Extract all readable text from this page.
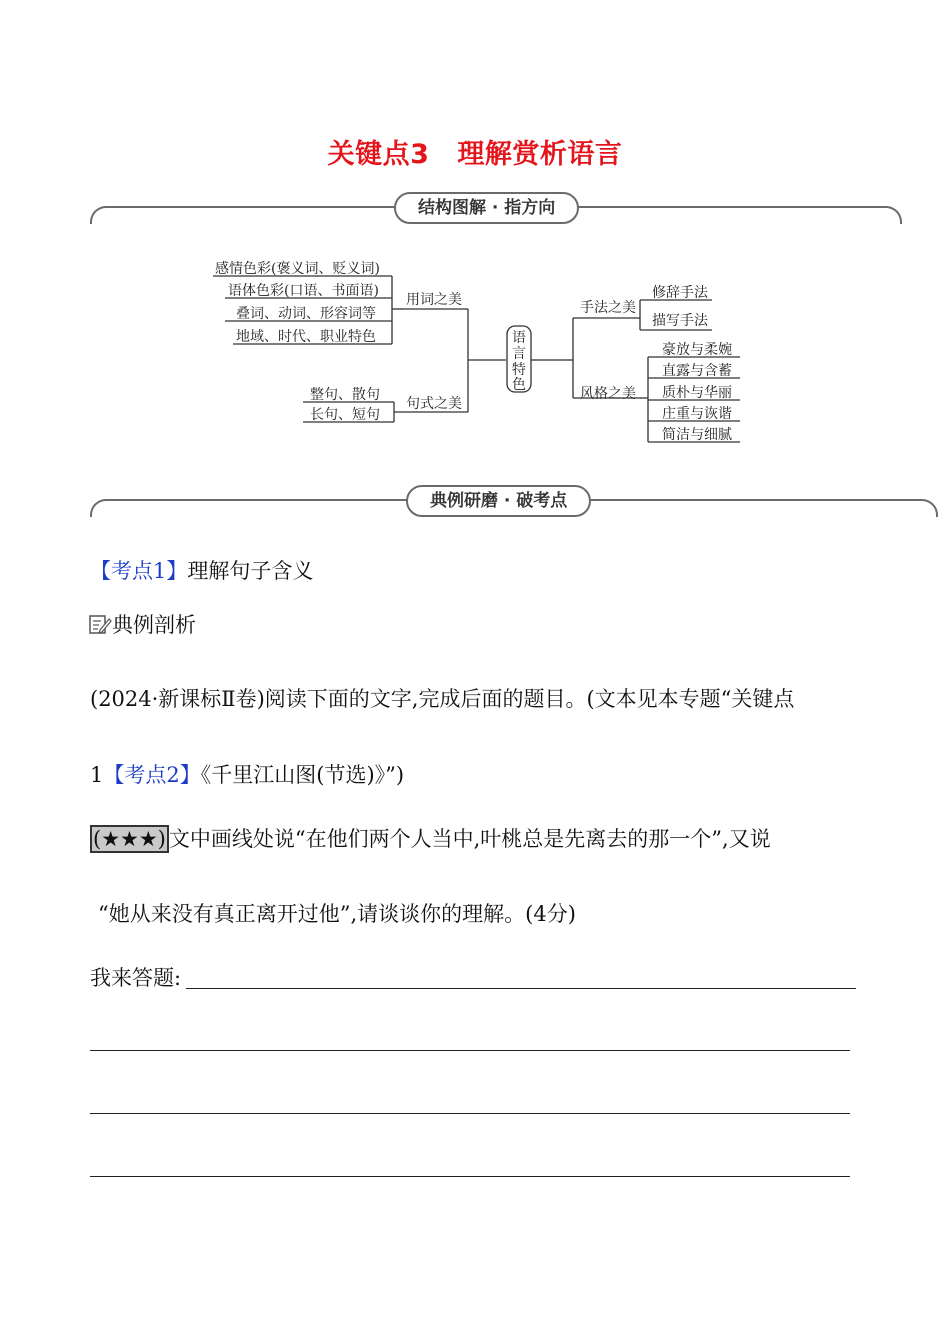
关键点3 理解赏析语言
结构图解 · 指方向
感情色彩(褒义词、贬义词)
语体色彩(口语、书面语)
叠词、动词、形容词等
地域、时代、职业特色
用词之美
整句、散句
长句、短句
句式之美
语
言
特
色
手法之美
修辞手法
描写手法
风格之美
豪放与柔婉
直露与含蓄
质朴与华丽
庄重与诙谐
简洁与细腻
典例研磨 · 破考点
【考点1】理解句子含义
典例剖析
(2024·新课标Ⅱ卷)阅读下面的文字,完成后面的题目。(文本见本专题“关键点
1【考点2】《千里江山图(节选)》”)
(★★★) 文中画线处说“在他们两个人当中,叶桃总是先离去的那一个”,又说
“她从来没有真正离开过他”,请谈谈你的理解。(4分)
我来答题:
